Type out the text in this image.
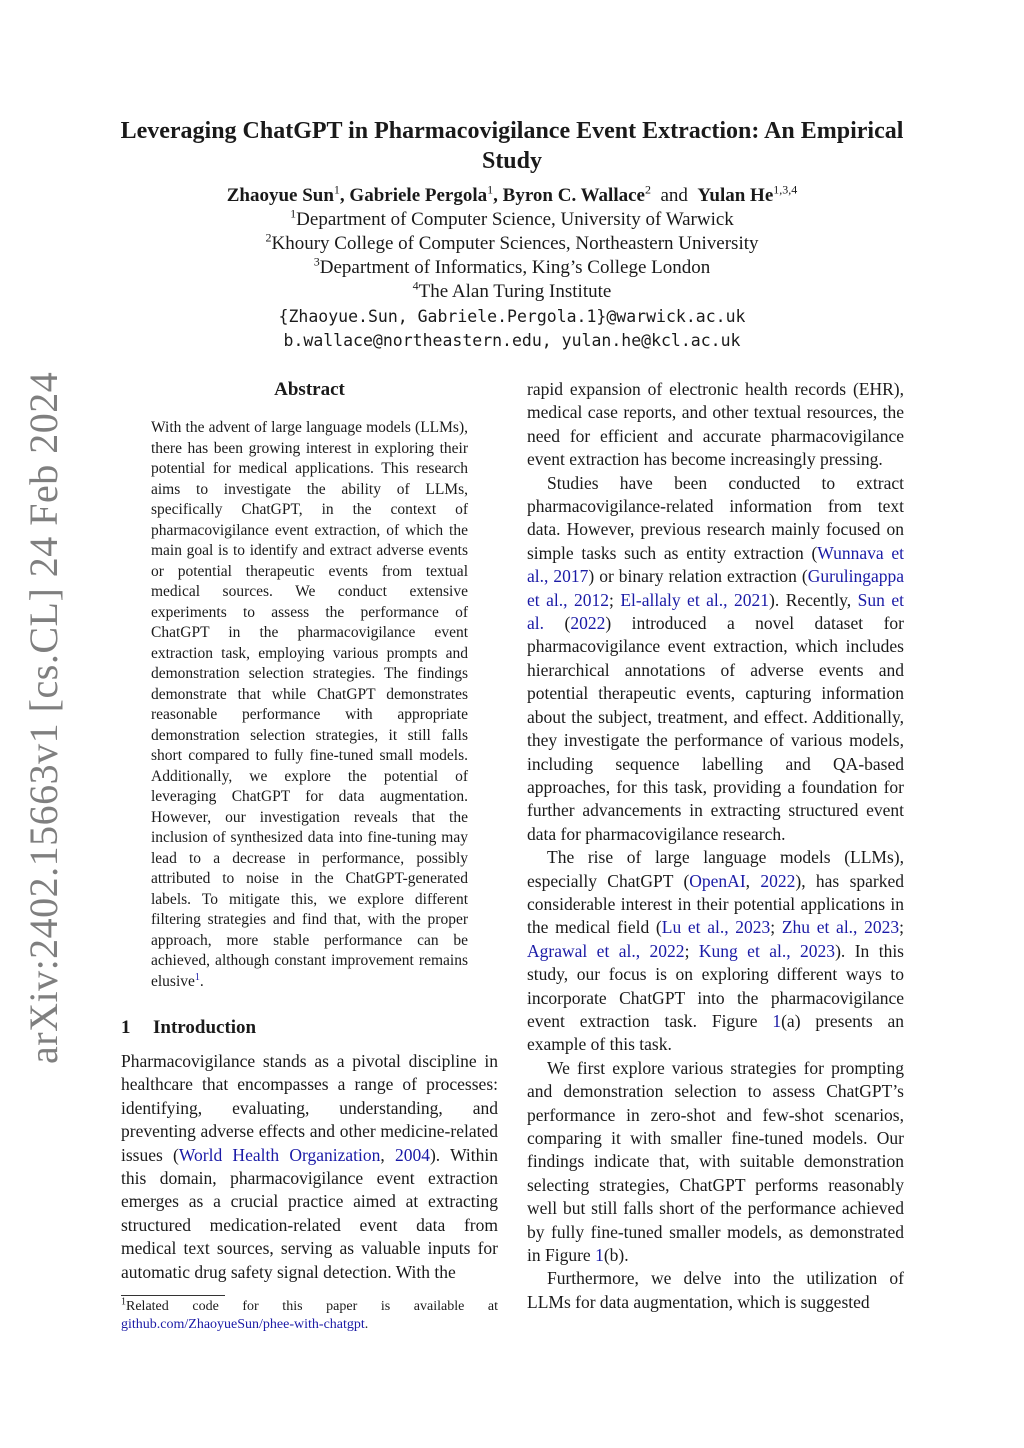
arXiv:2402.15663v1 [cs.CL] 24 Feb 2024
Leveraging ChatGPT in Pharmacovigilance Event Extraction: An Empirical Study
Zhaoyue Sun$^1$, Gabriele Pergola$^1$, Byron C. Wallace$^2$ and Yulan He$^{1,3,4}$
$^1$Department of Computer Science, University of Warwick
$^2$Khoury College of Computer Sciences, Northeastern University
$^3$Department of Informatics, King’s College London
$^4$The Alan Turing Institute
{Zhaoyue.Sun, Gabriele.Pergola.1}@warwick.ac.uk
b.wallace@northeastern.edu, yulan.he@kcl.ac.uk
Abstract
With the advent of large language models (LLMs), there has been growing interest in exploring their potential for medical applications. This research aims to investigate the ability of LLMs, specifically ChatGPT, in the context of pharmacovigilance event extraction, of which the main goal is to identify and extract adverse events or potential therapeutic events from textual medical sources. We conduct extensive experiments to assess the performance of ChatGPT in the pharmacovigilance event extraction task, employing various prompts and demonstration selection strategies. The findings demonstrate that while ChatGPT demonstrates reasonable performance with appropriate demonstration selection strategies, it still falls short compared to fully fine-tuned small models. Additionally, we explore the potential of leveraging ChatGPT for data augmentation. However, our investigation reveals that the inclusion of synthesized data into fine-tuning may lead to a decrease in performance, possibly attributed to noise in the ChatGPT-generated labels. To mitigate this, we explore different filtering strategies and find that, with the proper approach, more stable performance can be achieved, although constant improvement remains elusive$^1$.
1 Introduction

Pharmacovigilance stands as a pivotal discipline in healthcare that encompasses a range of processes: identifying, evaluating, understanding, and preventing adverse effects and other medicine-related issues (World Health Organization, 2004). Within this domain, pharmacovigilance event extraction emerges as a crucial practice aimed at extracting structured medication-related event data from medical text sources, serving as valuable inputs for automatic drug safety signal detection. With the

$^1$Related code for this paper is available at github.com/ZhaoyueSun/phee-with-chatgpt.

rapid expansion of electronic health records (EHR), medical case reports, and other textual resources, the need for efficient and accurate pharmacovigilance event extraction has become increasingly pressing.

Studies have been conducted to extract pharmacovigilance-related information from text data. However, previous research mainly focused on simple tasks such as entity extraction (Wunnava et al., 2017) or binary relation extraction (Gurulingappa et al., 2012; El-allaly et al., 2021). Recently, Sun et al. (2022) introduced a novel dataset for pharmacovigilance event extraction, which includes hierarchical annotations of adverse events and potential therapeutic events, capturing information about the subject, treatment, and effect. Additionally, they investigate the performance of various models, including sequence labelling and QA-based approaches, for this task, providing a foundation for further advancements in extracting structured event data for pharmacovigilance research.

The rise of large language models (LLMs), especially ChatGPT (OpenAI, 2022), has sparked considerable interest in their potential applications in the medical field (Lu et al., 2023; Zhu et al., 2023; Agrawal et al., 2022; Kung et al., 2023). In this study, our focus is on exploring different ways to incorporate ChatGPT into the pharmacovigilance event extraction task. Figure 1(a) presents an example of this task.

We first explore various strategies for prompting and demonstration selection to assess ChatGPT’s performance in zero-shot and few-shot scenarios, comparing it with smaller fine-tuned models. Our findings indicate that, with suitable demonstration selecting strategies, ChatGPT performs reasonably well but still falls short of the performance achieved by fully fine-tuned smaller models, as demonstrated in Figure 1(b).

Furthermore, we delve into the utilization of LLMs for data augmentation, which is suggested
